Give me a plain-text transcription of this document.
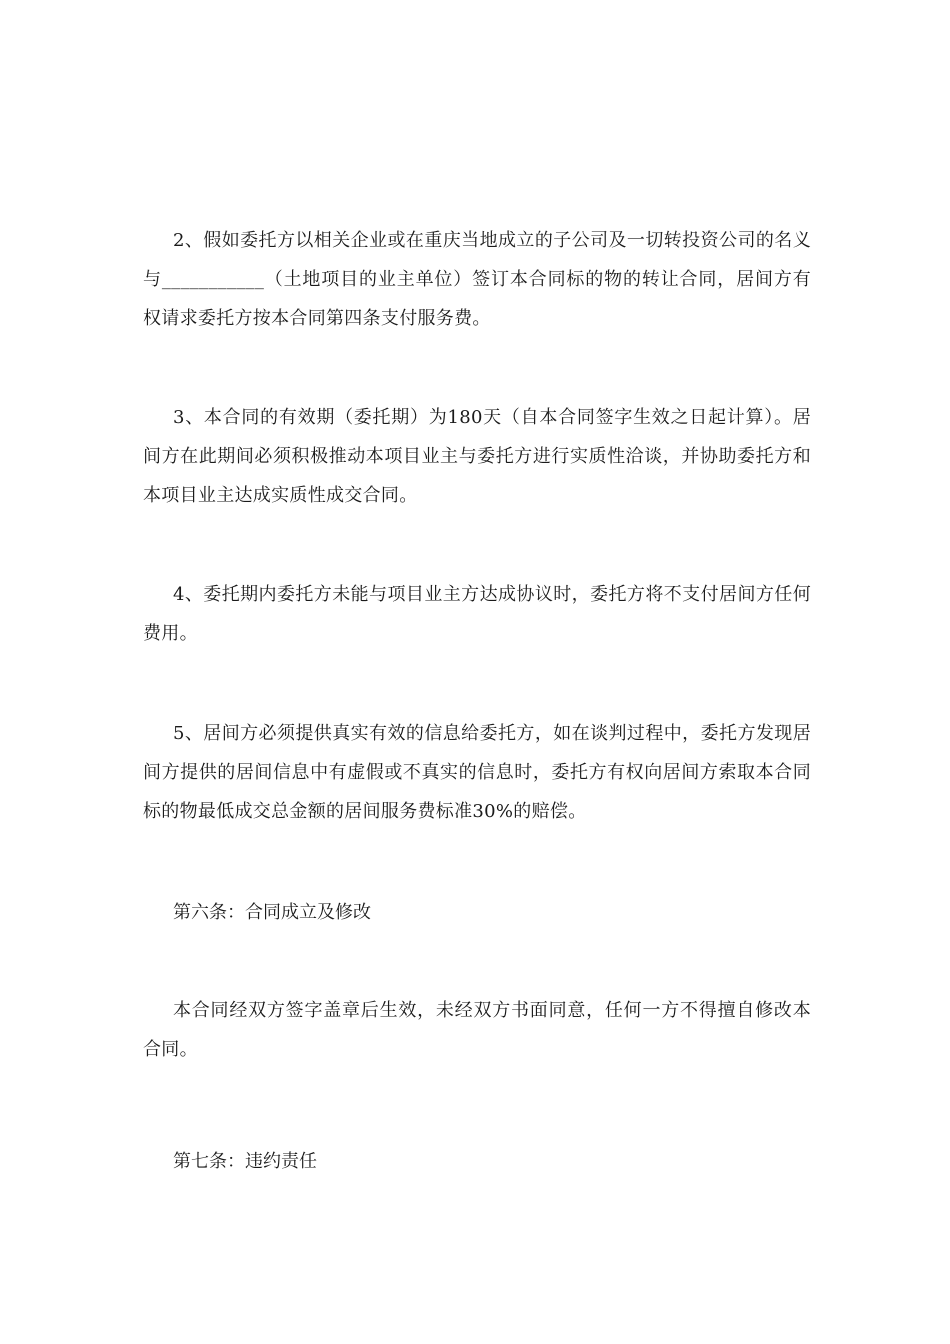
2、假如委托方以相关企业或在重庆当地成立的子公司及一切转投资公司的名义与___________（土地项目的业主单位）签订本合同标的物的转让合同，居间方有权请求委托方按本合同第四条支付服务费。

3、本合同的有效期（委托期）为180天（自本合同签字生效之日起计算）。居间方在此期间必须积极推动本项目业主与委托方进行实质性洽谈，并协助委托方和本项目业主达成实质性成交合同。

4、委托期内委托方未能与项目业主方达成协议时，委托方将不支付居间方任何费用。

5、居间方必须提供真实有效的信息给委托方，如在谈判过程中，委托方发现居间方提供的居间信息中有虚假或不真实的信息时，委托方有权向居间方索取本合同标的物最低成交总金额的居间服务费标准30%的赔偿。

第六条：合同成立及修改

本合同经双方签字盖章后生效，未经双方书面同意，任何一方不得擅自修改本合同。

第七条：违约责任
